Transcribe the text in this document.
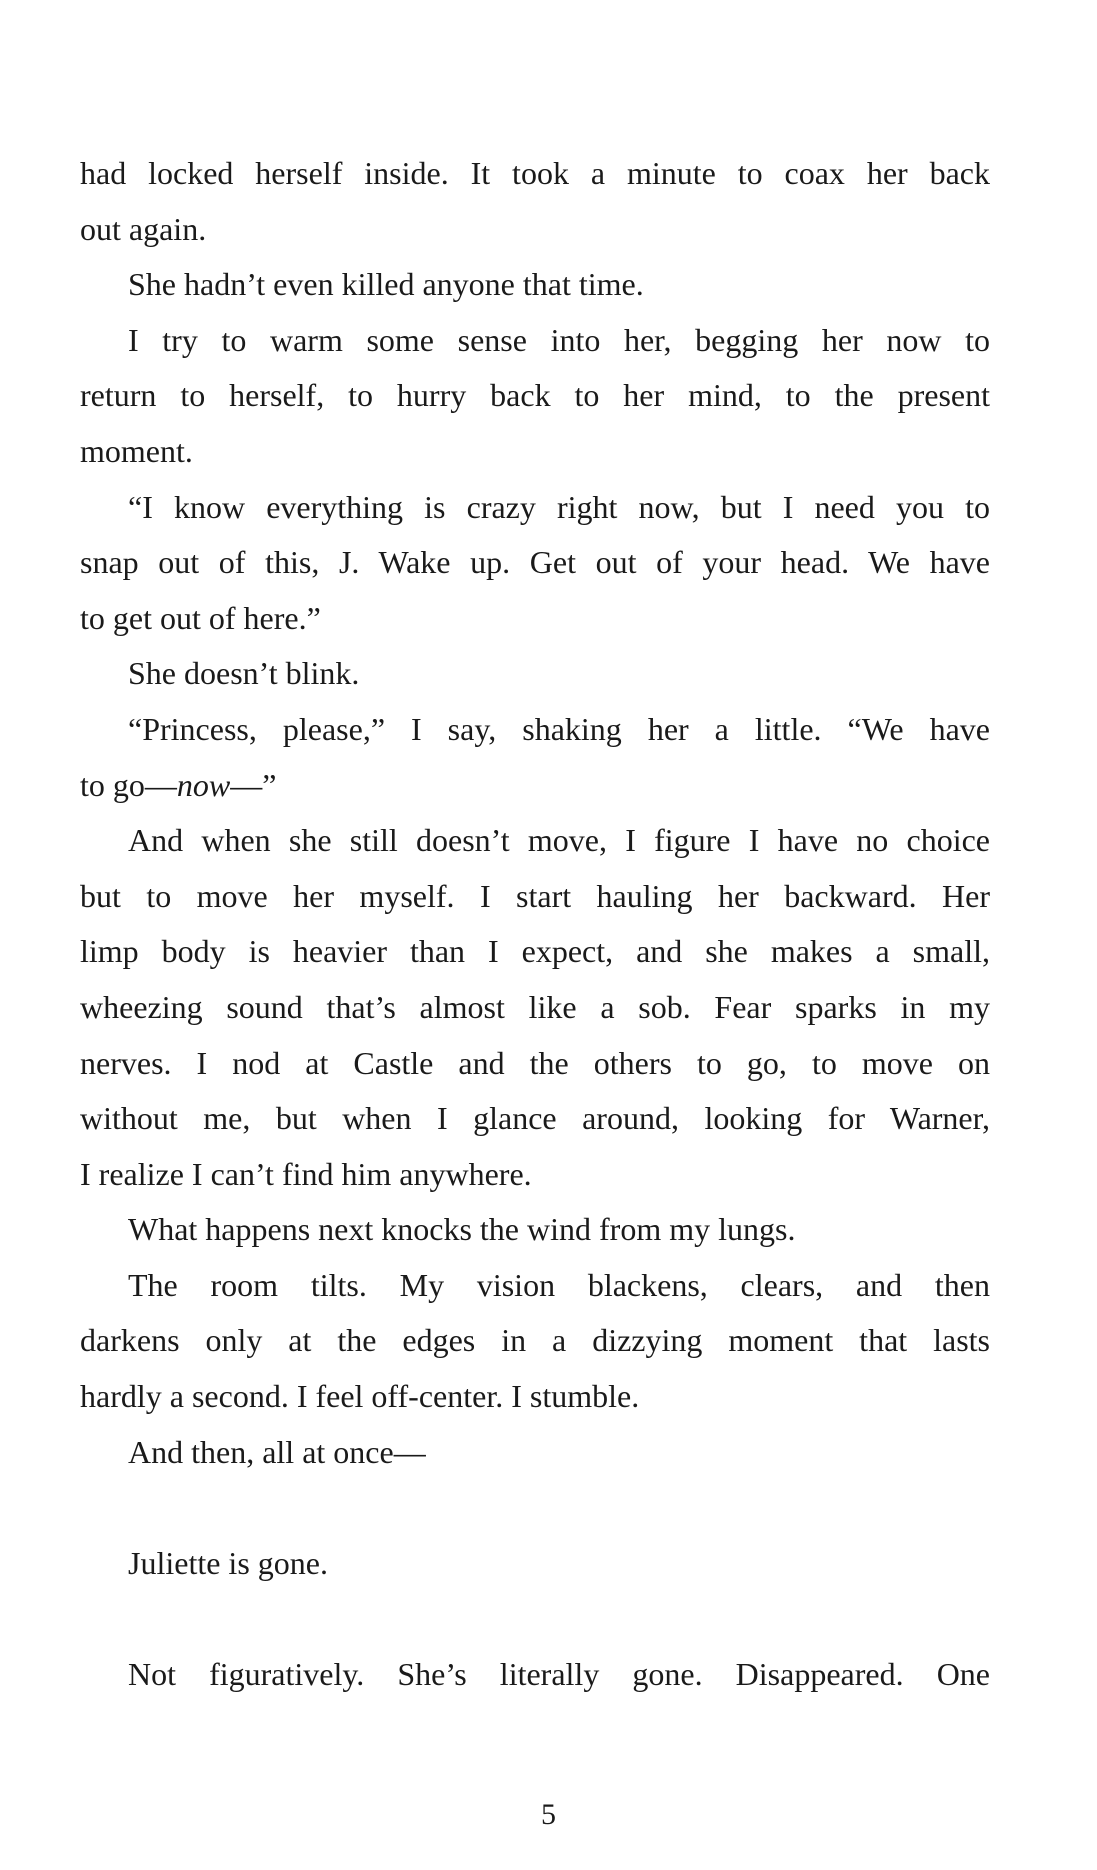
had locked herself inside. It took a minute to coax her back
out again.
She hadn’t even killed anyone that time.
I try to warm some sense into her, begging her now to
return to herself, to hurry back to her mind, to the present
moment.
“I know everything is crazy right now, but I need you to
snap out of this, J. Wake up. Get out of your head. We have
to get out of here.”
She doesn’t blink.
“Princess, please,” I say, shaking her a little. “We have
to go—now—”
And when she still doesn’t move, I figure I have no choice
but to move her myself. I start hauling her backward. Her
limp body is heavier than I expect, and she makes a small,
wheezing sound that’s almost like a sob. Fear sparks in my
nerves. I nod at Castle and the others to go, to move on
without me, but when I glance around, looking for Warner,
I realize I can’t find him anywhere.
What happens next knocks the wind from my lungs.
The room tilts. My vision blackens, clears, and then
darkens only at the edges in a dizzying moment that lasts
hardly a second. I feel off-center. I stumble.
And then, all at once—
Juliette is gone.
Not figuratively. She’s literally gone. Disappeared. One
5
